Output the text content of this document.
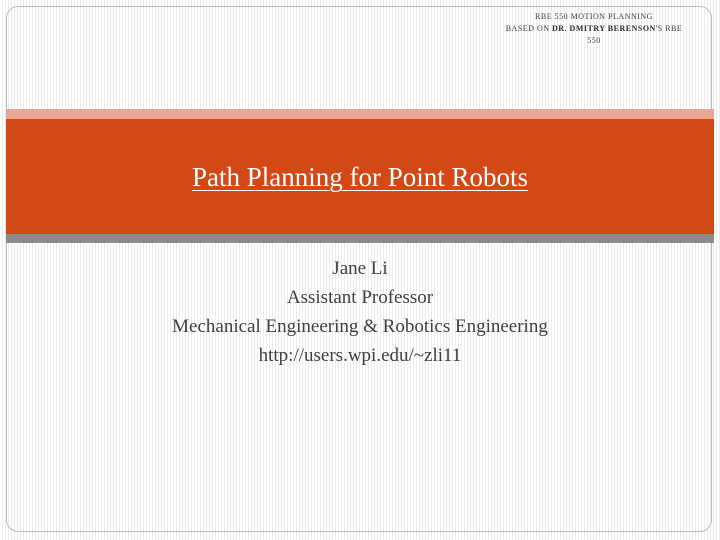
RBE 550 MOTION PLANNING
BASED ON DR. DMITRY BERENSON'S RBE
550
Path Planning for Point Robots
Jane Li
Assistant Professor
Mechanical Engineering & Robotics Engineering
http://users.wpi.edu/~zli11
